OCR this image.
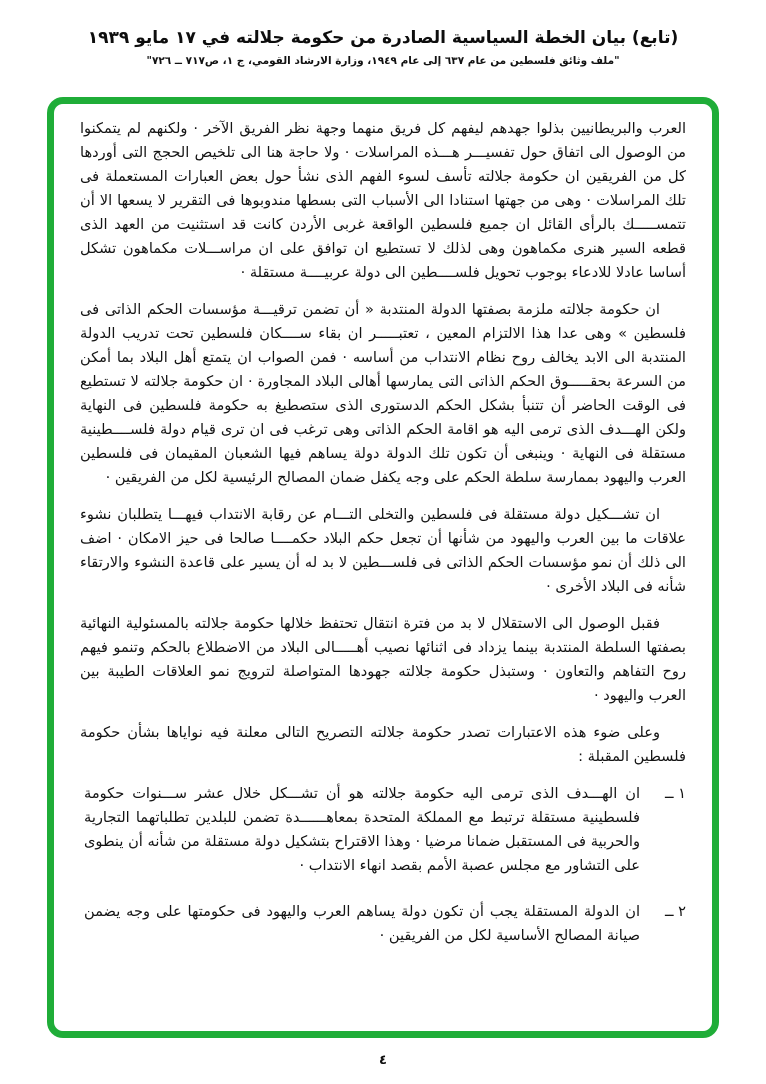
(تابع) بيان الخطة السياسية الصادرة من حكومة جلالته في ١٧ مايو ١٩٣٩
"ملف وثائق فلسطين من عام ٦٣٧ إلى عام ١٩٤٩، وزارة الارشاد القومي، ج ١، ص٧١٧ ــ ٧٢٦"

العرب والبريطانيين بذلوا جهدهم ليفهم كل فريق منهما وجهة نظر الفريق الآخر · ولكنهم لم يتمكنوا من الوصول الى اتفاق حول تفسيـــر هـــذه المراسلات · ولا حاجة هنا الى تلخيص الحجج التى أوردها كل من الفريقين ان حكومة جلالته تأسف لسوء الفهم الذى نشأ حول بعض العبارات المستعملة فى تلك المراسلات · وهى من جهتها استنادا الى الأسباب التى بسطها مندوبوها فى التقرير لا يسعها الا أن تتمســـــك بالرأى القائل ان جميع فلسطين الواقعة غربى الأردن كانت قد استثنيت من العهد الذى قطعه السير هنرى مكماهون وهى لذلك لا تستطيع ان توافق على ان مراســـلات مكماهون تشكل أساسا عادلا للادعاء بوجوب تحويل فلســــطين الى دولة عربيــــة مستقلة ·

ان حكومة جلالته ملزمة بصفتها الدولة المنتدبة « أن تضمن ترقيـــة مؤسسات الحكم الذاتى فى فلسطين » وهى عدا هذا الالتزام المعين ، تعتبـــــر ان بقاء ســــكان فلسطين تحت تدريب الدولة المنتدبة الى الابد يخالف روح نظام الانتداب من أساسه · فمن الصواب ان يتمتع أهل البلاد بما أمكن من السرعة بحقـــــوق الحكم الذاتى التى يمارسها أهالى البلاد المجاورة · ان حكومة جلالته لا تستطيع فى الوقت الحاضر أن تتنبأ بشكل الحكم الدستورى الذى ستصطبغ به حكومة فلسطين فى النهاية ولكن الهـــدف الذى ترمى اليه هو اقامة الحكم الذاتى وهى ترغب فى ان ترى قيام دولة فلســــطينية مستقلة فى النهاية · وينبغى أن تكون تلك الدولة دولة يساهم فيها الشعبان المقيمان فى فلسطين العرب واليهود بممارسة سلطة الحكم على وجه يكفل ضمان المصالح الرئيسية لكل من الفريقين ·

ان تشـــكيل دولة مستقلة فى فلسطين والتخلى التـــام عن رقابة الانتداب فيهـــا يتطلبان نشوء علاقات ما بين العرب واليهود من شأنها أن تجعل حكم البلاد حكمــــا صالحا فى حيز الامكان · اضف الى ذلك أن نمو مؤسسات الحكم الذاتى فى فلســـطين لا بد له أن يسير على قاعدة النشوء والارتقاء شأنه فى البلاد الأخرى ·

فقبل الوصول الى الاستقلال لا بد من فترة انتقال تحتفظ خلالها حكومة جلالته بالمسئولية النهائية بصفتها السلطة المنتدبة بينما يزداد فى اثنائها نصيب أهـــــالى البلاد من الاضطلاع بالحكم وتنمو فيهم روح التفاهم والتعاون · وستبذل حكومة جلالته جهودها المتواصلة لترويج نمو العلاقات الطيبة بين العرب واليهود ·

وعلى ضوء هذه الاعتبارات تصدر حكومة جلالته التصريح التالى معلنة فيه نواياها بشأن حكومة فلسطين المقبلة :

١ ــ
ان الهـــدف الذى ترمى اليه حكومة جلالته هو أن تشـــكل خلال عشر ســـنوات حكومة فلسطينية مستقلة ترتبط مع المملكة المتحدة بمعاهــــــدة تضمن للبلدين تطلباتهما التجارية والحربية فى المستقبل ضمانا مرضيا · وهذا الاقتراح بتشكيل دولة مستقلة من شأنه أن ينطوى على التشاور مع مجلس عصبة الأمم بقصد انهاء الانتداب ·
٢ ــ
ان الدولة المستقلة يجب أن تكون دولة يساهم العرب واليهود فى حكومتها على وجه يضمن صيانة المصالح الأساسية لكل من الفريقين ·
٤
